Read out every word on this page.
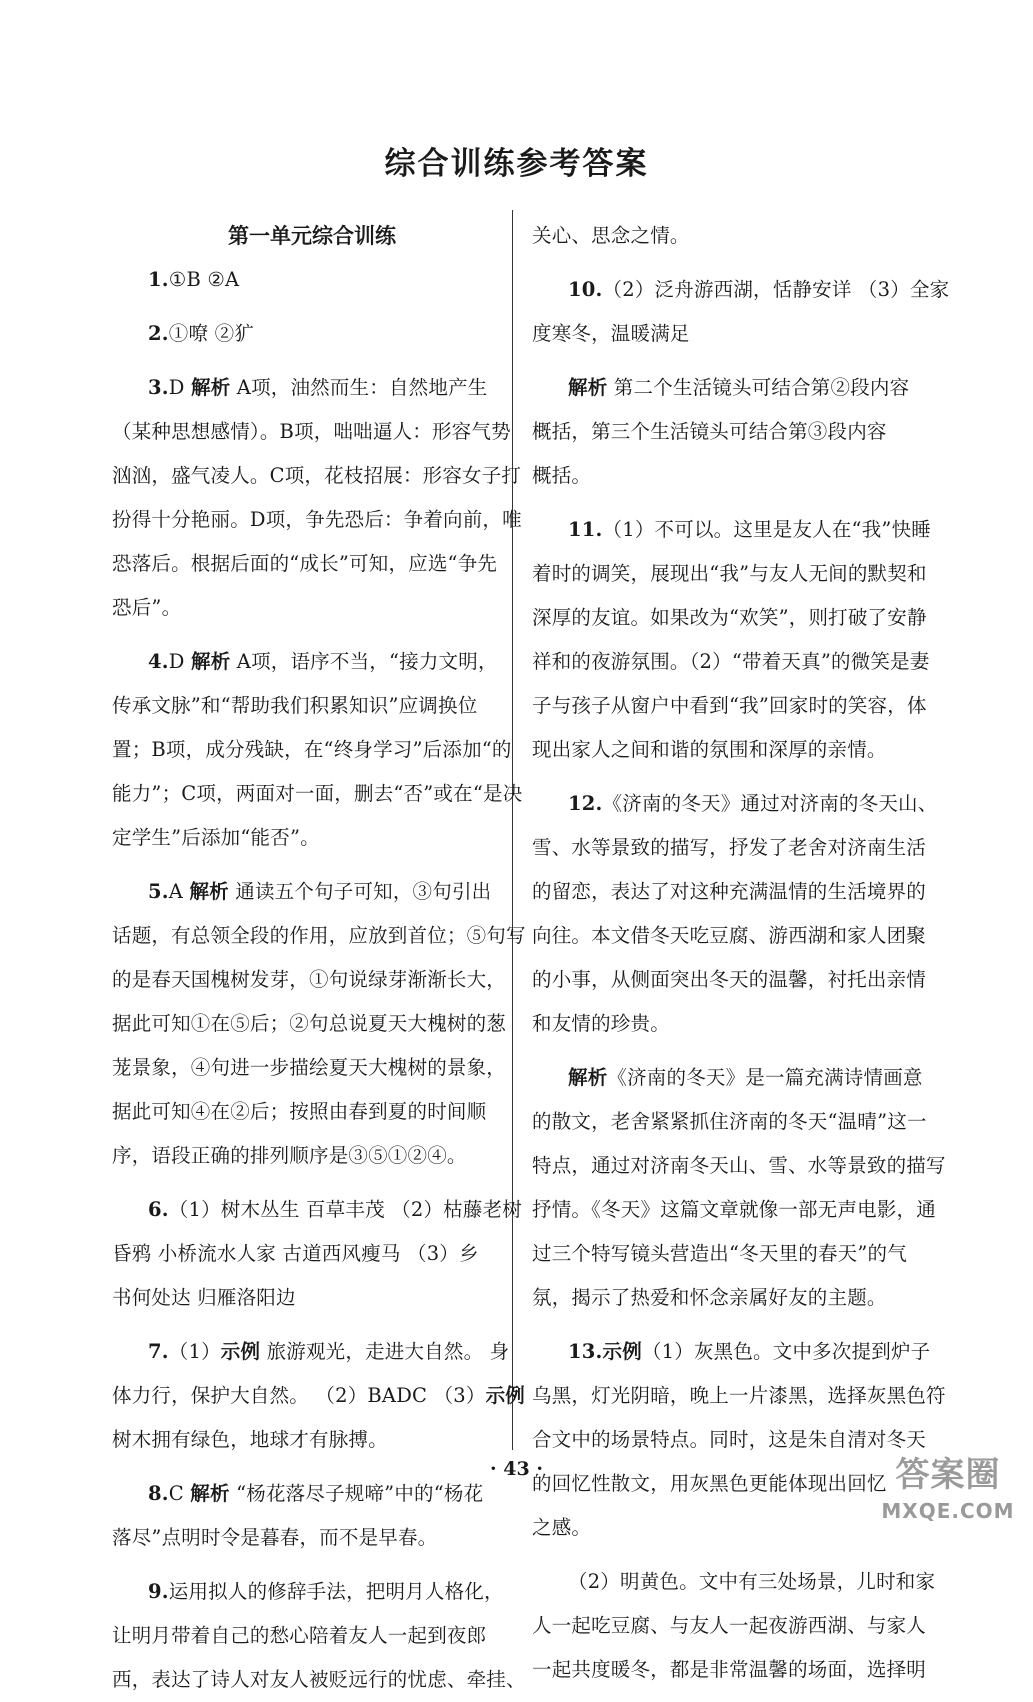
综合训练参考答案
第一单元综合训练
1.①B ②A
2.①嘹 ②犷
3.D 解析 A项，油然而生：自然地产生
（某种思想感情）。B项，咄咄逼人：形容气势
汹汹，盛气凌人。C项，花枝招展：形容女子打
扮得十分艳丽。D项，争先恐后：争着向前，唯
恐落后。根据后面的“成长”可知，应选“争先
恐后”。
4.D 解析 A项，语序不当，“接力文明，
传承文脉”和“帮助我们积累知识”应调换位
置；B项，成分残缺，在“终身学习”后添加“的
能力”；C项，两面对一面，删去“否”或在“是决
定学生”后添加“能否”。
5.A 解析 通读五个句子可知，③句引出
话题，有总领全段的作用，应放到首位；⑤句写
的是春天国槐树发芽，①句说绿芽渐渐长大，
据此可知①在⑤后；②句总说夏天大槐树的葱
茏景象，④句进一步描绘夏天大槐树的景象，
据此可知④在②后；按照由春到夏的时间顺
序，语段正确的排列顺序是③⑤①②④。
6.（1）树木丛生 百草丰茂 （2）枯藤老树
昏鸦 小桥流水人家 古道西风瘦马 （3）乡
书何处达 归雁洛阳边
7.（1）示例 旅游观光，走进大自然。 身
体力行，保护大自然。 （2）BADC （3）示例
树木拥有绿色，地球才有脉搏。
8.C 解析 “杨花落尽子规啼”中的“杨花
落尽”点明时令是暮春，而不是早春。
9.运用拟人的修辞手法，把明月人格化，
让明月带着自己的愁心陪着友人一起到夜郎
西，表达了诗人对友人被贬远行的忧虑、牵挂、
关心、思念之情。
10.（2）泛舟游西湖，恬静安详 （3）全家
度寒冬，温暖满足
解析 第二个生活镜头可结合第②段内容
概括，第三个生活镜头可结合第③段内容
概括。
11.（1）不可以。这里是友人在“我”快睡
着时的调笑，展现出“我”与友人无间的默契和
深厚的友谊。如果改为“欢笑”，则打破了安静
祥和的夜游氛围。（2）“带着天真”的微笑是妻
子与孩子从窗户中看到“我”回家时的笑容，体
现出家人之间和谐的氛围和深厚的亲情。
12.《济南的冬天》通过对济南的冬天山、
雪、水等景致的描写，抒发了老舍对济南生活
的留恋，表达了对这种充满温情的生活境界的
向往。本文借冬天吃豆腐、游西湖和家人团聚
的小事，从侧面突出冬天的温馨，衬托出亲情
和友情的珍贵。
解析《济南的冬天》是一篇充满诗情画意
的散文，老舍紧紧抓住济南的冬天“温晴”这一
特点，通过对济南冬天山、雪、水等景致的描写
抒情。《冬天》这篇文章就像一部无声电影，通
过三个特写镜头营造出“冬天里的春天”的气
氛，揭示了热爱和怀念亲属好友的主题。
13.示例（1）灰黑色。文中多次提到炉子
乌黑，灯光阴暗，晚上一片漆黑，选择灰黑色符
合文中的场景特点。同时，这是朱自清对冬天
的回忆性散文，用灰黑色更能体现出回忆
之感。
（2）明黄色。文中有三处场景，儿时和家
人一起吃豆腐、与友人一起夜游西湖、与家人
一起共度暖冬，都是非常温馨的场面，选择明
· 43 ·	答案圈
MXQE.COM
